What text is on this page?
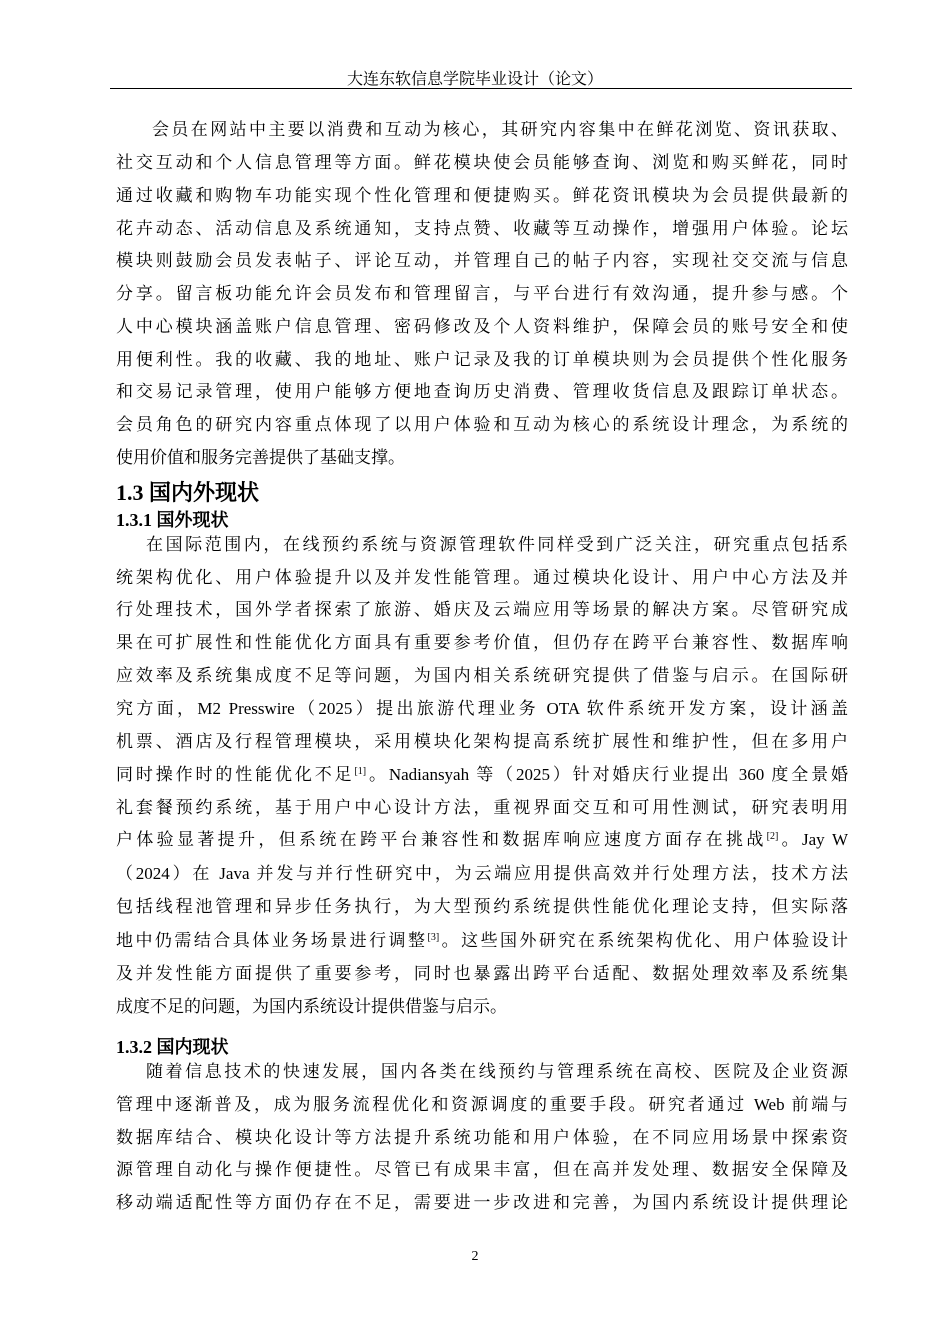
大连东软信息学院毕业设计（论文）
会员在网站中主要以消费和互动为核心，其研究内容集中在鲜花浏览、资讯获取、
社交互动和个人信息管理等方面。鲜花模块使会员能够查询、浏览和购买鲜花，同时
通过收藏和购物车功能实现个性化管理和便捷购买。鲜花资讯模块为会员提供最新的
花卉动态、活动信息及系统通知，支持点赞、收藏等互动操作，增强用户体验。论坛
模块则鼓励会员发表帖子、评论互动，并管理自己的帖子内容，实现社交交流与信息
分享。留言板功能允许会员发布和管理留言，与平台进行有效沟通，提升参与感。个
人中心模块涵盖账户信息管理、密码修改及个人资料维护，保障会员的账号安全和使
用便利性。我的收藏、我的地址、账户记录及我的订单模块则为会员提供个性化服务
和交易记录管理，使用户能够方便地查询历史消费、管理收货信息及跟踪订单状态。
会员角色的研究内容重点体现了以用户体验和互动为核心的系统设计理念，为系统的
使用价值和服务完善提供了基础支撑。
1.3 国内外现状
1.3.1 国外现状
在国际范围内，在线预约系统与资源管理软件同样受到广泛关注，研究重点包括系
统架构优化、用户体验提升以及并发性能管理。通过模块化设计、用户中心方法及并
行处理技术，国外学者探索了旅游、婚庆及云端应用等场景的解决方案。尽管研究成
果在可扩展性和性能优化方面具有重要参考价值，但仍存在跨平台兼容性、数据库响
应效率及系统集成度不足等问题，为国内相关系统研究提供了借鉴与启示。在国际研
究方面，M2 Presswire（2025）提出旅游代理业务 OTA 软件系统开发方案，设计涵盖
机票、酒店及行程管理模块，采用模块化架构提高系统扩展性和维护性，但在多用户
同时操作时的性能优化不足[1]。Nadiansyah 等（2025）针对婚庆行业提出 360 度全景婚
礼套餐预约系统，基于用户中心设计方法，重视界面交互和可用性测试，研究表明用
户体验显著提升，但系统在跨平台兼容性和数据库响应速度方面存在挑战[2]。Jay W
（2024）在 Java 并发与并行性研究中，为云端应用提供高效并行处理方法，技术方法
包括线程池管理和异步任务执行，为大型预约系统提供性能优化理论支持，但实际落
地中仍需结合具体业务场景进行调整[3]。这些国外研究在系统架构优化、用户体验设计
及并发性能方面提供了重要参考，同时也暴露出跨平台适配、数据处理效率及系统集
成度不足的问题，为国内系统设计提供借鉴与启示。
1.3.2 国内现状
随着信息技术的快速发展，国内各类在线预约与管理系统在高校、医院及企业资源
管理中逐渐普及，成为服务流程优化和资源调度的重要手段。研究者通过 Web 前端与
数据库结合、模块化设计等方法提升系统功能和用户体验，在不同应用场景中探索资
源管理自动化与操作便捷性。尽管已有成果丰富，但在高并发处理、数据安全保障及
移动端适配性等方面仍存在不足，需要进一步改进和完善，为国内系统设计提供理论
2
